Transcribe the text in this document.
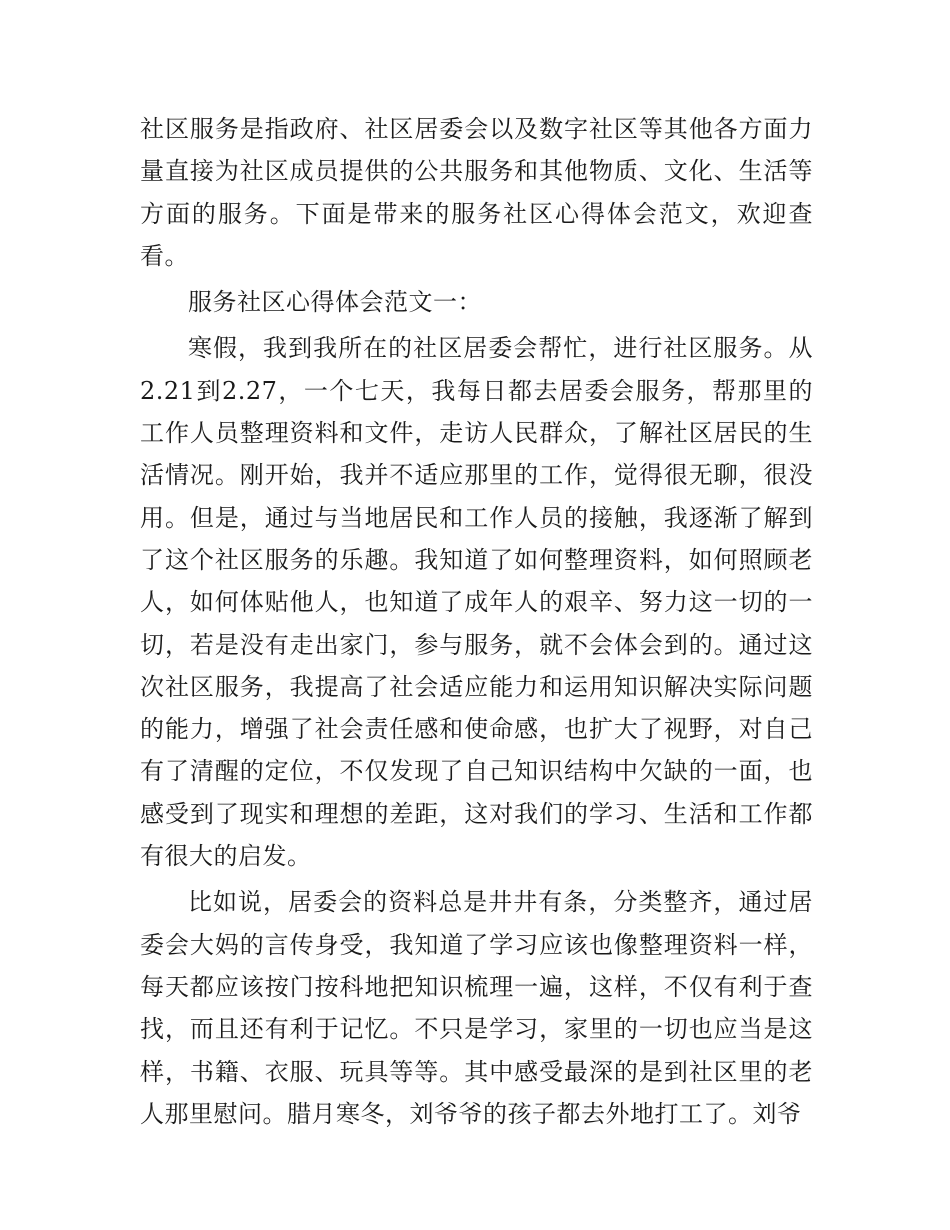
社区服务是指政府、社区居委会以及数字社区等其他各方面力量直接为社区成员提供的公共服务和其他物质、文化、生活等方面的服务。下面是带来的服务社区心得体会范文，欢迎查看。

服务社区心得体会范文一：

寒假，我到我所在的社区居委会帮忙，进行社区服务。从2.21到2.27，一个七天，我每日都去居委会服务，帮那里的工作人员整理资料和文件，走访人民群众，了解社区居民的生活情况。刚开始，我并不适应那里的工作，觉得很无聊，很没用。但是，通过与当地居民和工作人员的接触，我逐渐了解到了这个社区服务的乐趣。我知道了如何整理资料，如何照顾老人，如何体贴他人，也知道了成年人的艰辛、努力这一切的一切，若是没有走出家门，参与服务，就不会体会到的。通过这次社区服务，我提高了社会适应能力和运用知识解决实际问题的能力，增强了社会责任感和使命感，也扩大了视野，对自己有了清醒的定位，不仅发现了自己知识结构中欠缺的一面，也感受到了现实和理想的差距，这对我们的学习、生活和工作都有很大的启发。

比如说，居委会的资料总是井井有条，分类整齐，通过居委会大妈的言传身受，我知道了学习应该也像整理资料一样，每天都应该按门按科地把知识梳理一遍，这样，不仅有利于查找，而且还有利于记忆。不只是学习，家里的一切也应当是这样，书籍、衣服、玩具等等。其中感受最深的是到社区里的老人那里慰问。腊月寒冬，刘爷爷的孩子都去外地打工了。刘爷
